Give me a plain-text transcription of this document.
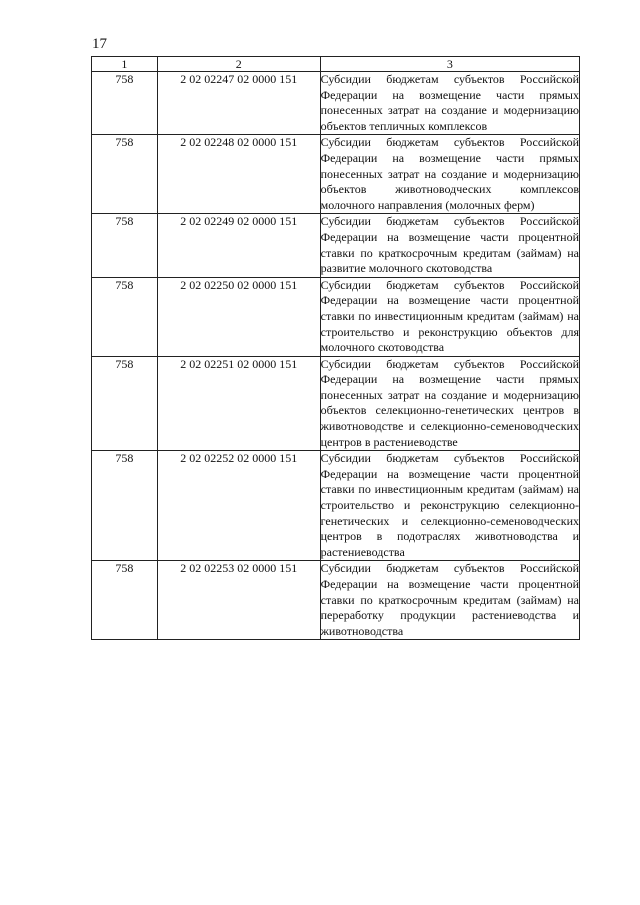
17
1	2	3
758	2 02 02247 02 0000 151	Субсидии бюджетам субъектов Российской Федерации на возмещение части прямых понесенных затрат на создание и модернизацию объектов тепличных комплексов
758	2 02 02248 02 0000 151	Субсидии бюджетам субъектов Российской Федерации на возмещение части прямых понесенных затрат на создание и модернизацию объектов животноводческих комплексов молочного направления (молочных ферм)
758	2 02 02249 02 0000 151	Субсидии бюджетам субъектов Российской Федерации на возмещение части процентной ставки по краткосрочным кредитам (займам) на развитие молочного скотоводства
758	2 02 02250 02 0000 151	Субсидии бюджетам субъектов Российской Федерации на возмещение части процентной ставки по инвестиционным кредитам (займам) на строительство и реконструкцию объектов для молочного скотоводства
758	2 02 02251 02 0000 151	Субсидии бюджетам субъектов Российской Федерации на возмещение части прямых понесенных затрат на создание и модернизацию объектов селекционно-генетических центров в животноводстве и селекционно-семеноводческих центров в растениеводстве
758	2 02 02252 02 0000 151	Субсидии бюджетам субъектов Российской Федерации на возмещение части процентной ставки по инвестиционным кредитам (займам) на строительство и реконструкцию селекционно-генетических и селекционно-семеноводческих центров в подотраслях животноводства и растениеводства
758	2 02 02253 02 0000 151	Субсидии бюджетам субъектов Российской Федерации на возмещение части процентной ставки по краткосрочным кредитам (займам) на переработку продукции растениеводства и животноводства
